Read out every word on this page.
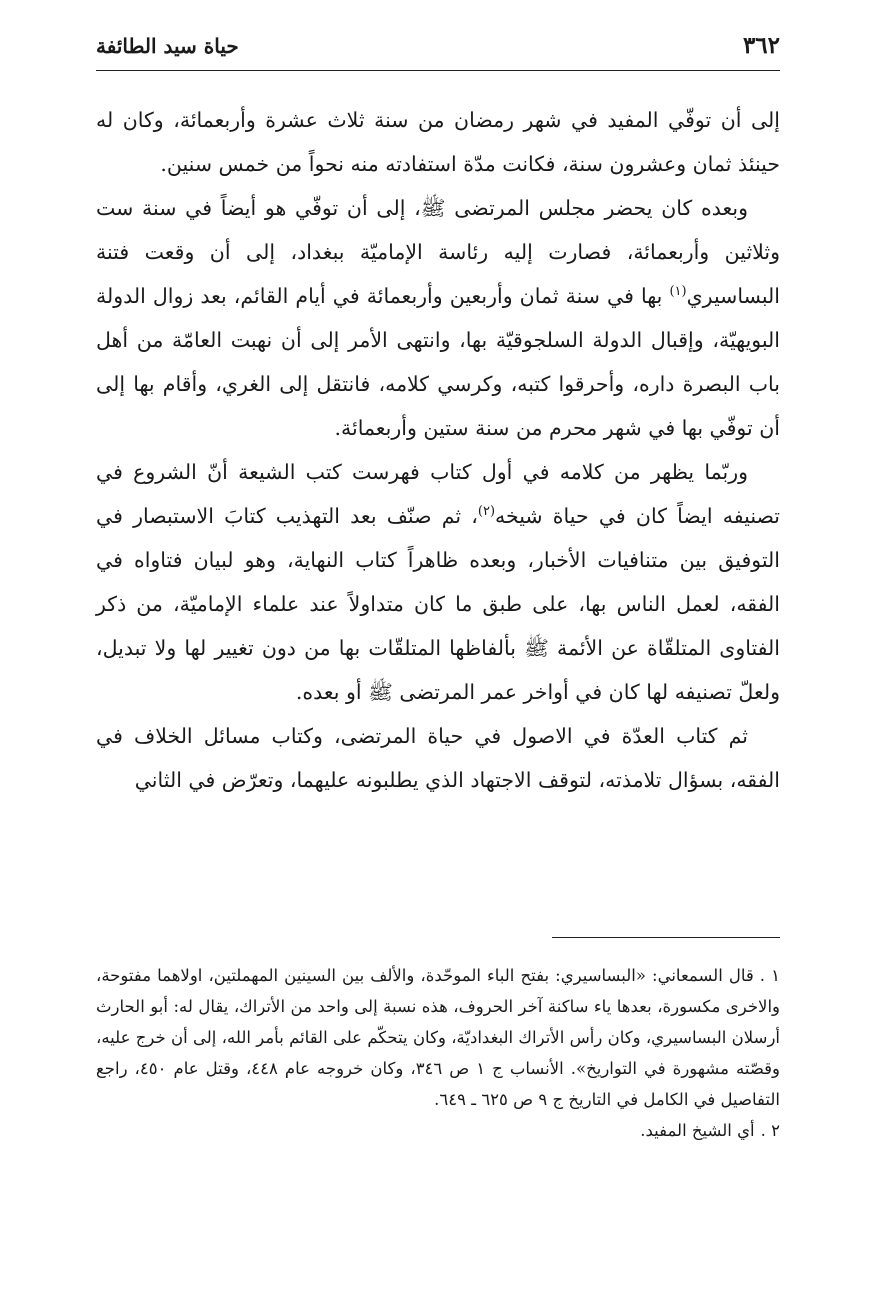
٣٦٢
حياة سيد الطائفة

إلى أن توفّي المفيد في شهر رمضان من سنة ثلاث عشرة وأربعمائة، وكان له حينئذ ثمان وعشرون سنة، فكانت مدّة استفادته منه نحواً من خمس سنين.

وبعده كان يحضر مجلس المرتضى ﷺ، إلى أن توفّي هو أيضاً في سنة ست وثلاثين وأربعمائة، فصارت إليه رئاسة الإماميّة ببغداد، إلى أن وقعت فتنة البساسيري$^{(١)}$ بها في سنة ثمان وأربعين وأربعمائة في أيام القائم، بعد زوال الدولة البويهيّة، وإقبال الدولة السلجوقيّة بها، وانتهى الأمر إلى أن نهبت العامّة من أهل باب البصرة داره، وأحرقوا كتبه، وكرسي كلامه، فانتقل إلى الغري، وأقام بها إلى أن توفّي بها في شهر محرم من سنة ستين وأربعمائة.

وربّما يظهر من كلامه في أول كتاب فهرست كتب الشيعة أنّ الشروع في تصنيفه ايضاً كان في حياة شيخه$^{(٢)}$، ثم صنّف بعد التهذيب كتابَ الاستبصار في التوفيق بين متنافيات الأخبار، وبعده ظاهراً كتاب النهاية، وهو لبيان فتاواه في الفقه، لعمل الناس بها، على طبق ما كان متداولاً عند علماء الإماميّة، من ذكر الفتاوى المتلقّاة عن الأئمة ﷺ بألفاظها المتلقّات بها من دون تغيير لها ولا تبديل، ولعلّ تصنيفه لها كان في أواخر عمر المرتضى ﷺ أو بعده.

ثم كتاب العدّة في الاصول في حياة المرتضى، وكتاب مسائل الخلاف في الفقه، بسؤال تلامذته، لتوقف الاجتهاد الذي يطلبونه عليهما، وتعرّض في الثاني

١ .قال السمعاني: «البساسيري: بفتح الباء الموحّدة، والألف بين السينين المهملتين، اولاهما مفتوحة، والاخرى مكسورة، بعدها ياء ساكنة آخر الحروف، هذه نسبة إلى واحد من الأتراك، يقال له: أبو الحارث أرسلان البساسيري، وكان رأس الأتراك البغداديّة، وكان يتحكّم على القائم بأمر الله، إلى أن خرج عليه، وقصّته مشهورة في التواريخ». الأنساب ج ١ ص ٣٤٦، وكان خروجه عام ٤٤٨، وقتل عام ٤٥٠، راجع التفاصيل في الكامل في التاريخ ج ٩ ص ٦٢٥ ـ ٦٤٩.

٢ .أي الشيخ المفيد.
